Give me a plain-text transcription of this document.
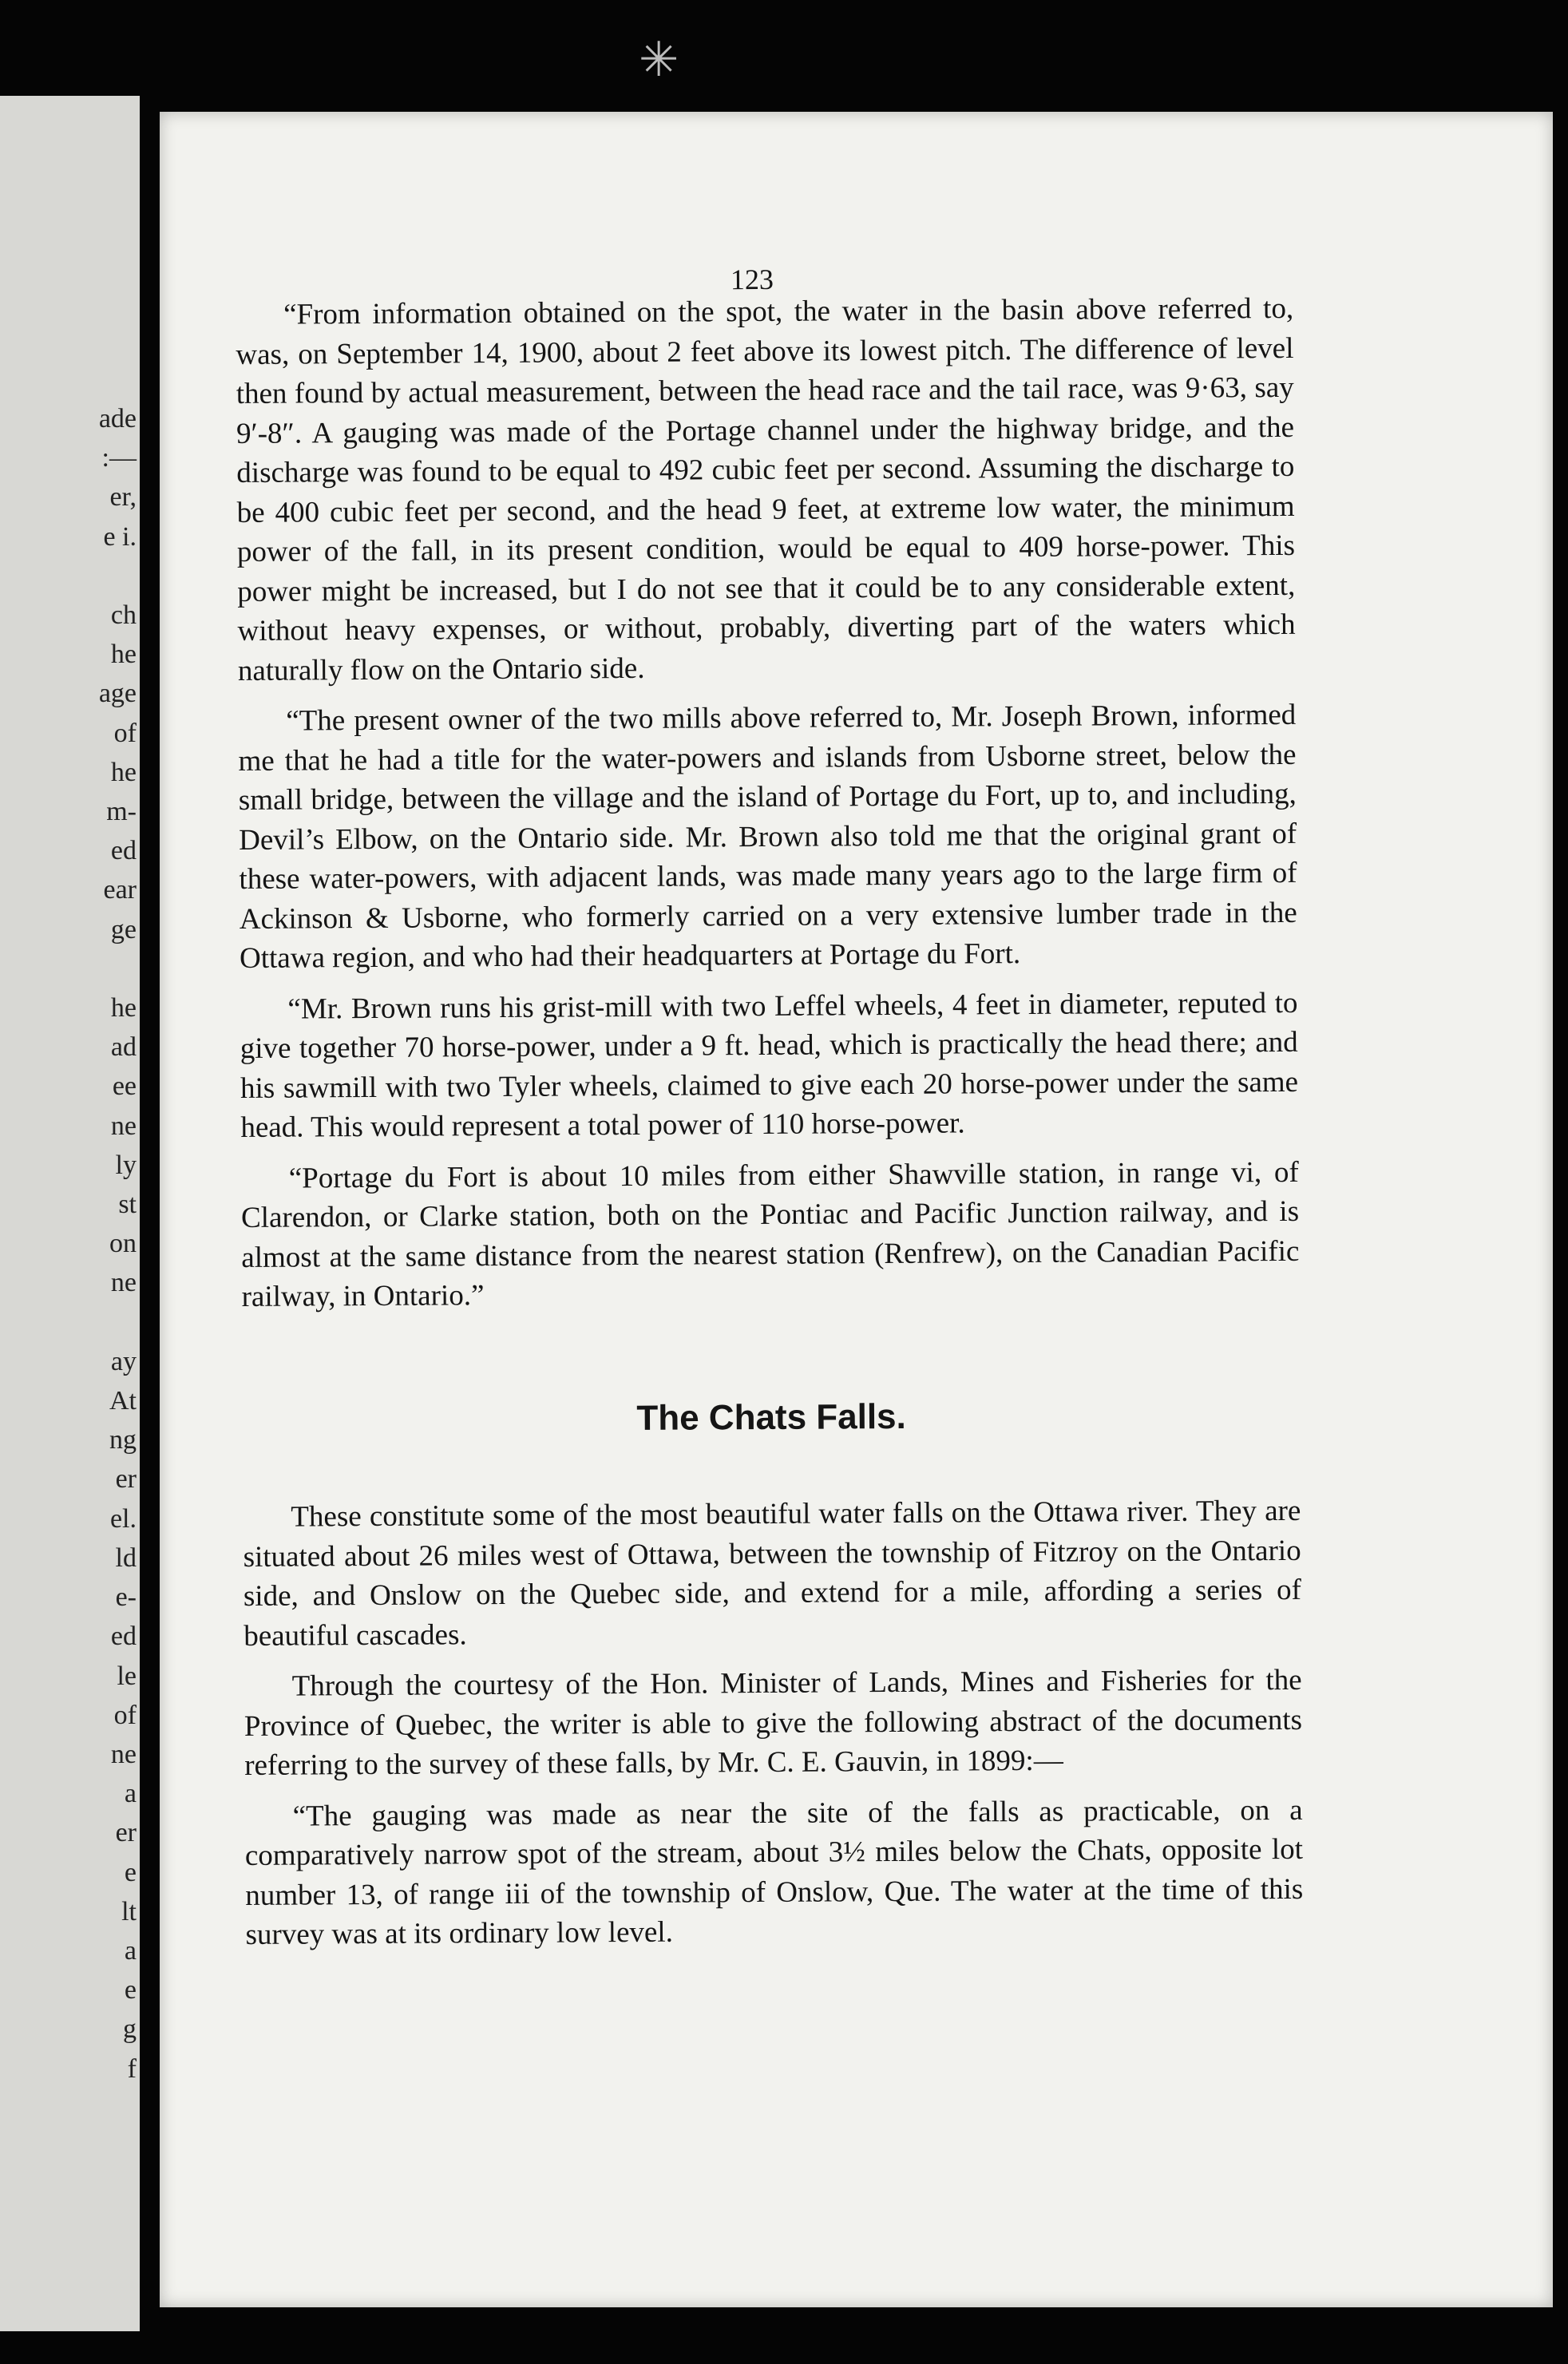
ade
:—
er,
e i.

ch
he
age
of
he
m-
ed
ear
ge

he
ad
ee
ne
ly
st
on
ne

ay
At
ng
er
el.
ld
e-
ed
le
of
ne
a
er
e
lt
a
e
g
f
✳
123

“From information obtained on the spot, the water in the basin above referred to, was, on September 14, 1900, about 2 feet above its lowest pitch. The difference of level then found by actual measurement, between the head race and the tail race, was 9·63, say 9′-8″. A gauging was made of the Portage channel under the highway bridge, and the discharge was found to be equal to 492 cubic feet per second. Assuming the discharge to be 400 cubic feet per second, and the head 9 feet, at extreme low water, the minimum power of the fall, in its present condition, would be equal to 409 horse-power. This power might be increased, but I do not see that it could be to any considerable extent, without heavy expenses, or without, probably, diverting part of the waters which naturally flow on the Ontario side.

“The present owner of the two mills above referred to, Mr. Joseph Brown, informed me that he had a title for the water-powers and islands from Usborne street, below the small bridge, between the village and the island of Portage du Fort, up to, and including, Devil’s Elbow, on the Ontario side. Mr. Brown also told me that the original grant of these water-powers, with adjacent lands, was made many years ago to the large firm of Ackinson & Usborne, who formerly carried on a very extensive lumber trade in the Ottawa region, and who had their headquarters at Portage du Fort.

“Mr. Brown runs his grist-mill with two Leffel wheels, 4 feet in diameter, reputed to give together 70 horse-power, under a 9 ft. head, which is practically the head there; and his sawmill with two Tyler wheels, claimed to give each 20 horse-power under the same head. This would represent a total power of 110 horse-power.

“Portage du Fort is about 10 miles from either Shawville station, in range vi, of Clarendon, or Clarke station, both on the Pontiac and Pacific Junction railway, and is almost at the same distance from the nearest station (Renfrew), on the Canadian Pacific railway, in Ontario.”

The Chats Falls.

These constitute some of the most beautiful water falls on the Ottawa river. They are situated about 26 miles west of Ottawa, between the township of Fitzroy on the Ontario side, and Onslow on the Quebec side, and extend for a mile, affording a series of beautiful cascades.

Through the courtesy of the Hon. Minister of Lands, Mines and Fisheries for the Province of Quebec, the writer is able to give the following abstract of the documents referring to the survey of these falls, by Mr. C. E. Gauvin, in 1899:—

“The gauging was made as near the site of the falls as practicable, on a comparatively narrow spot of the stream, about 3½ miles below the Chats, opposite lot number 13, of range iii of the township of Onslow, Que. The water at the time of this survey was at its ordinary low level.
